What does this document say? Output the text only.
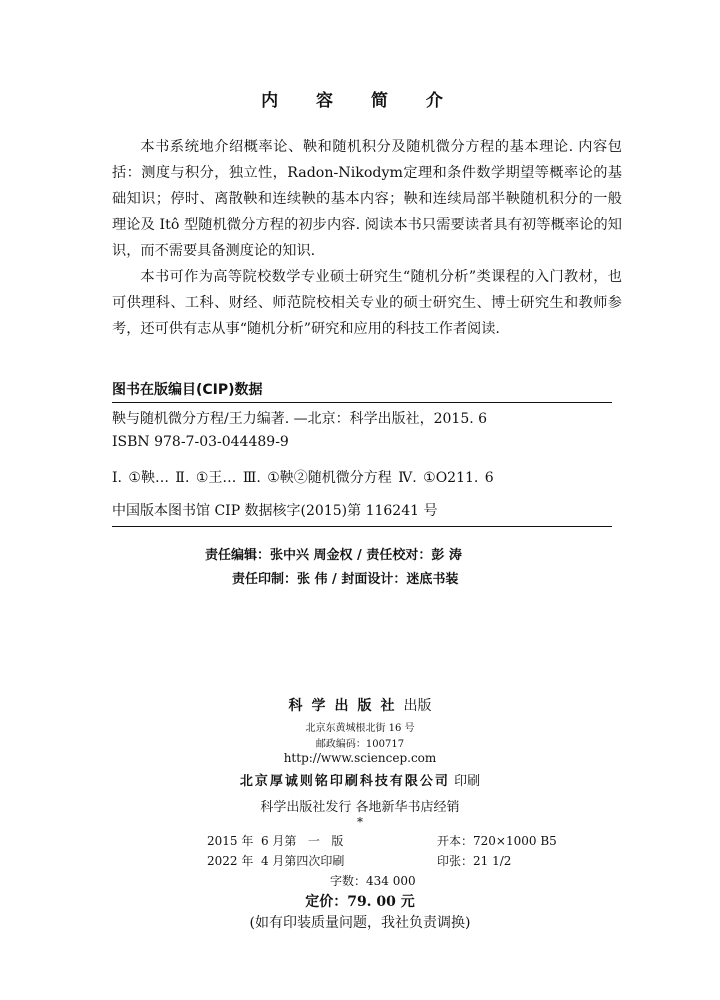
内 容 简 介
本书系统地介绍概率论、鞅和随机积分及随机微分方程的基本理论. 内容包括：测度与积分，独立性，Radon-Nikodym定理和条件数学期望等概率论的基础知识；停时、离散鞅和连续鞅的基本内容；鞅和连续局部半鞅随机积分的一般理论及 Itô 型随机微分方程的初步内容. 阅读本书只需要读者具有初等概率论的知识，而不需要具备测度论的知识.
本书可作为高等院校数学专业硕士研究生“随机分析”类课程的入门教材，也可供理科、工科、财经、师范院校相关专业的硕士研究生、博士研究生和教师参考，还可供有志从事“随机分析”研究和应用的科技工作者阅读.
图书在版编目(CIP)数据
鞅与随机微分方程/王力编著. —北京：科学出版社，2015. 6
ISBN 978-7-03-044489-9
Ⅰ. ①鞅… Ⅱ. ①王… Ⅲ. ①鞅②随机微分方程 Ⅳ. ①O211. 6
中国版本图书馆 CIP 数据核字(2015)第 116241 号
责任编辑：张中兴 周金权 / 责任校对：彭 涛
责任印制：张 伟 / 封面设计：迷底书装
科学出版社出版
北京东黄城根北街 16 号
邮政编码：100717
http://www.sciencep.com
北京厚诚则铭印刷科技有限公司 印刷
科学出版社发行 各地新华书店经销
*
2015 年  6 月第   一   版	开本：720×1000 B5
2022 年  4 月第四次印刷	印张：21 1/2
字数：434 000
定价：79. 00 元
(如有印装质量问题，我社负责调换)
